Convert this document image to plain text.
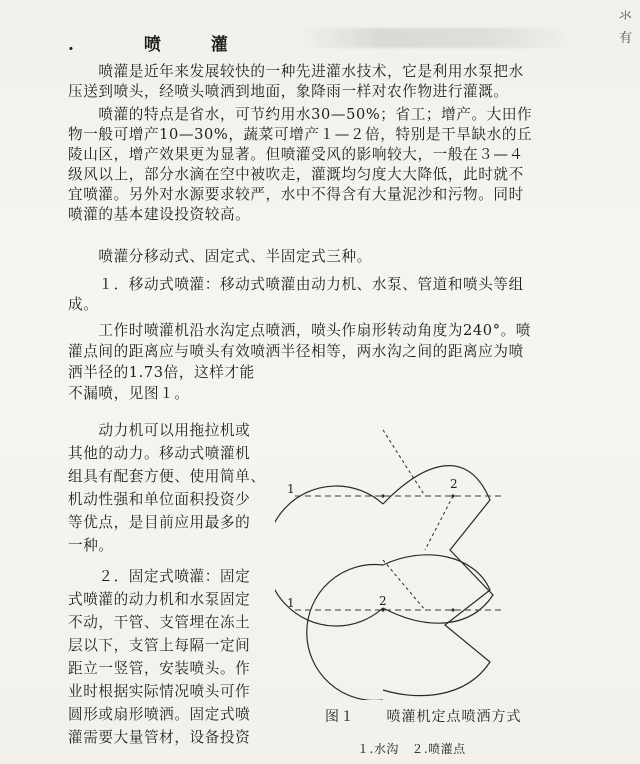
氺
有
.	喷	灌
　　喷灌是近年来发展较快的一种先进灌水技术，它是利用水泵把水
压送到喷头，经喷头喷洒到地面，象降雨一样对农作物进行灌溉。
　　喷灌的特点是省水，可节约用水30—50%；省工；增产。大田作
物一般可增产10—30%，蔬菜可增产１—２倍，特别是干旱缺水的丘
陵山区，增产效果更为显著。但喷灌受风的影响较大，一般在３—４
级风以上，部分水滴在空中被吹走，灌溉均匀度大大降低，此时就不
宜喷灌。另外对水源要求较严，水中不得含有大量泥沙和污物。同时
喷灌的基本建设投资较高。
　　喷灌分移动式、固定式、半固定式三种。
　　１．移动式喷灌：移动式喷灌由动力机、水泵、管道和喷头等组
成。
　　工作时喷灌机沿水沟定点喷洒，喷头作扇形转动角度为240°。喷
灌点间的距离应与喷头有效喷洒半径相等，两水沟之间的距离应为喷
洒半径的1.73倍，这样才能
不漏喷，见图１。
　　动力机可以用拖拉机或
其他的动力。移动式喷灌机
组具有配套方便、使用简单、
机动性强和单位面积投资少
等优点，是目前应用最多的
一种。
　　２．固定式喷灌：固定
式喷灌的动力机和水泵固定
不动，干管、支管埋在冻土
层以下，支管上每隔一定间
距立一竖管，安装喷头。作
业时根据实际情况喷头可作
圆形或扇形喷洒。固定式喷
灌需要大量管材，设备投资
1	2
1	2
图１ 喷灌机定点喷洒方式
１.水沟　２.喷灌点
